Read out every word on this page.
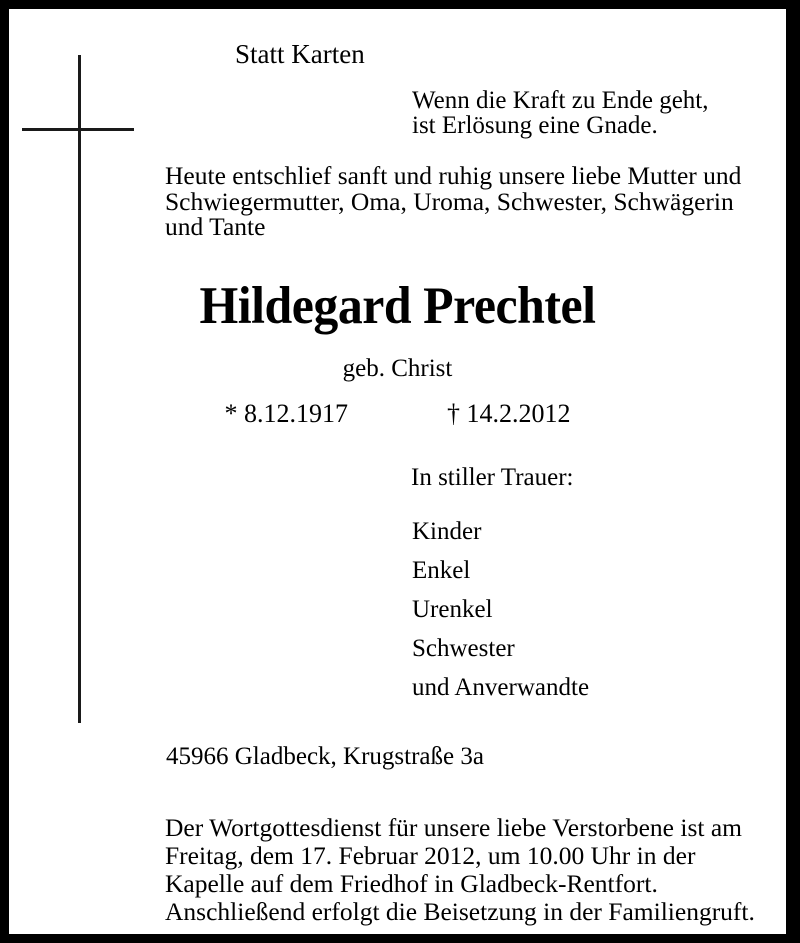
Statt Karten
Wenn die Kraft zu Ende geht,
ist Erlösung eine Gnade.
Heute entschlief sanft und ruhig unsere liebe Mutter und
Schwiegermutter, Oma, Uroma, Schwester, Schwägerin
und Tante
Hildegard Prechtel
geb. Christ
* 8.12.1917	† 14.2.2012
In stiller Trauer:
Kinder
Enkel
Urenkel
Schwester
und Anverwandte
45966 Gladbeck, Krugstraße 3a
Der Wortgottesdienst für unsere liebe Verstorbene ist am
Freitag, dem 17. Februar 2012, um 10.00 Uhr in der
Kapelle auf dem Friedhof in Gladbeck-Rentfort.
Anschließend erfolgt die Beisetzung in der Familiengruft.
